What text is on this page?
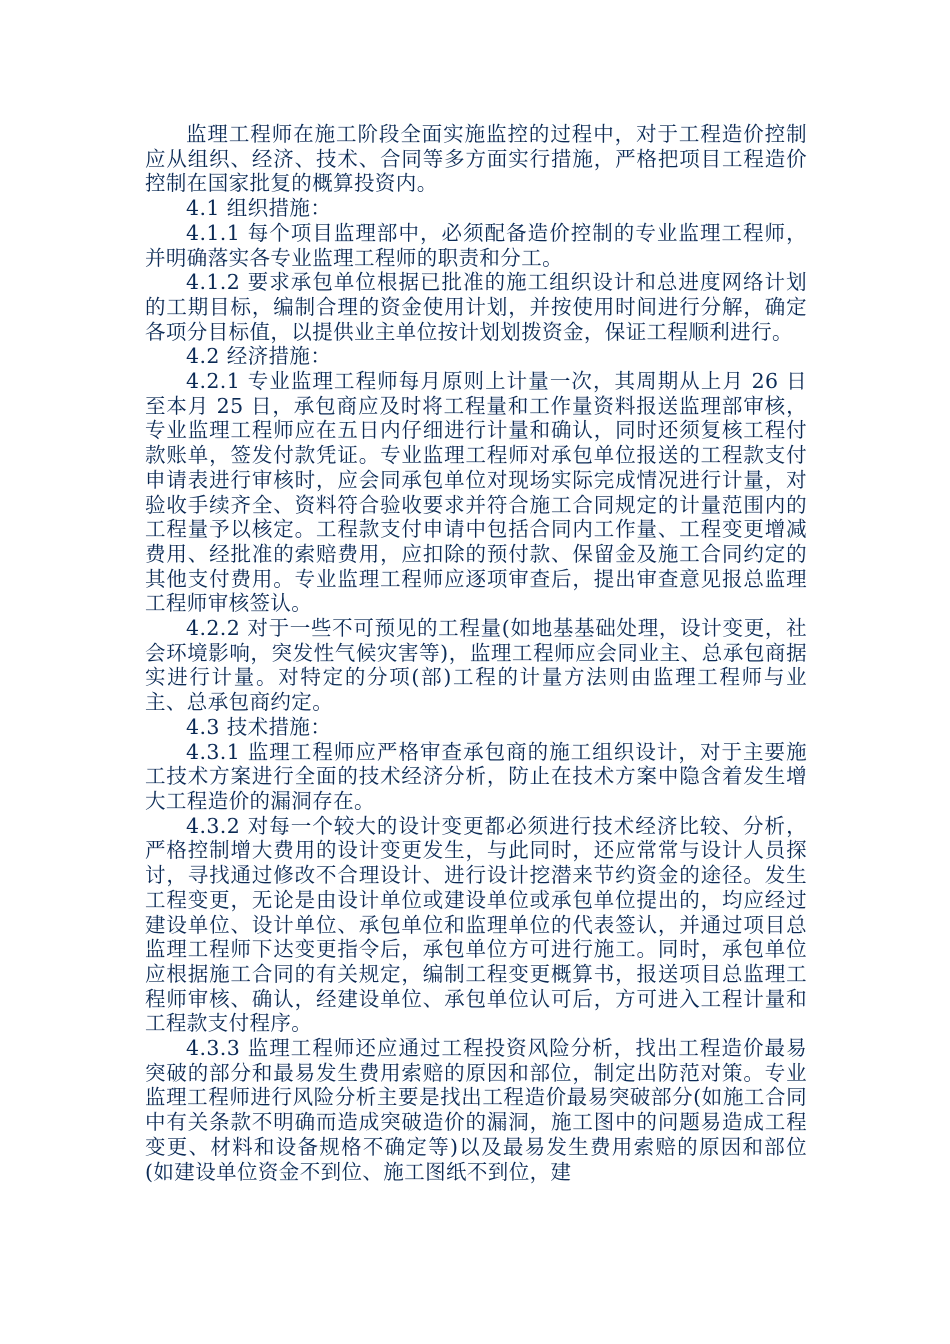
监理工程师在施工阶段全面实施监控的过程中，对于工程造价控制应从组织、经济、技术、合同等多方面实行措施，严格把项目工程造价控制在国家批复的概算投资内。

4.1 组织措施：

4.1.1 每个项目监理部中，必须配备造价控制的专业监理工程师，并明确落实各专业监理工程师的职责和分工。

4.1.2 要求承包单位根据已批准的施工组织设计和总进度网络计划的工期目标，编制合理的资金使用计划，并按使用时间进行分解，确定各项分目标值，以提供业主单位按计划划拨资金，保证工程顺利进行。

4.2 经济措施：

4.2.1 专业监理工程师每月原则上计量一次，其周期从上月 26 日至本月 25 日，承包商应及时将工程量和工作量资料报送监理部审核，专业监理工程师应在五日内仔细进行计量和确认，同时还须复核工程付款账单，签发付款凭证。专业监理工程师对承包单位报送的工程款支付申请表进行审核时，应会同承包单位对现场实际完成情况进行计量，对验收手续齐全、资料符合验收要求并符合施工合同规定的计量范围内的工程量予以核定。工程款支付申请中包括合同内工作量、工程变更增减费用、经批准的索赔费用，应扣除的预付款、保留金及施工合同约定的其他支付费用。专业监理工程师应逐项审查后，提出审查意见报总监理工程师审核签认。

4.2.2 对于一些不可预见的工程量(如地基基础处理，设计变更，社会环境影响，突发性气候灾害等)，监理工程师应会同业主、总承包商据实进行计量。对特定的分项(部)工程的计量方法则由监理工程师与业主、总承包商约定。

4.3 技术措施：

4.3.1 监理工程师应严格审查承包商的施工组织设计，对于主要施工技术方案进行全面的技术经济分析，防止在技术方案中隐含着发生增大工程造价的漏洞存在。

4.3.2 对每一个较大的设计变更都必须进行技术经济比较、分析，严格控制增大费用的设计变更发生，与此同时，还应常常与设计人员探讨，寻找通过修改不合理设计、进行设计挖潜来节约资金的途径。发生工程变更，无论是由设计单位或建设单位或承包单位提出的，均应经过建设单位、设计单位、承包单位和监理单位的代表签认，并通过项目总监理工程师下达变更指令后，承包单位方可进行施工。同时，承包单位应根据施工合同的有关规定，编制工程变更概算书，报送项目总监理工程师审核、确认，经建设单位、承包单位认可后，方可进入工程计量和工程款支付程序。

4.3.3 监理工程师还应通过工程投资风险分析，找出工程造价最易突破的部分和最易发生费用索赔的原因和部位，制定出防范对策。专业监理工程师进行风险分析主要是找出工程造价最易突破部分(如施工合同中有关条款不明确而造成突破造价的漏洞，施工图中的问题易造成工程变更、材料和设备规格不确定等)以及最易发生费用索赔的原因和部位(如建设单位资金不到位、施工图纸不到位，建
